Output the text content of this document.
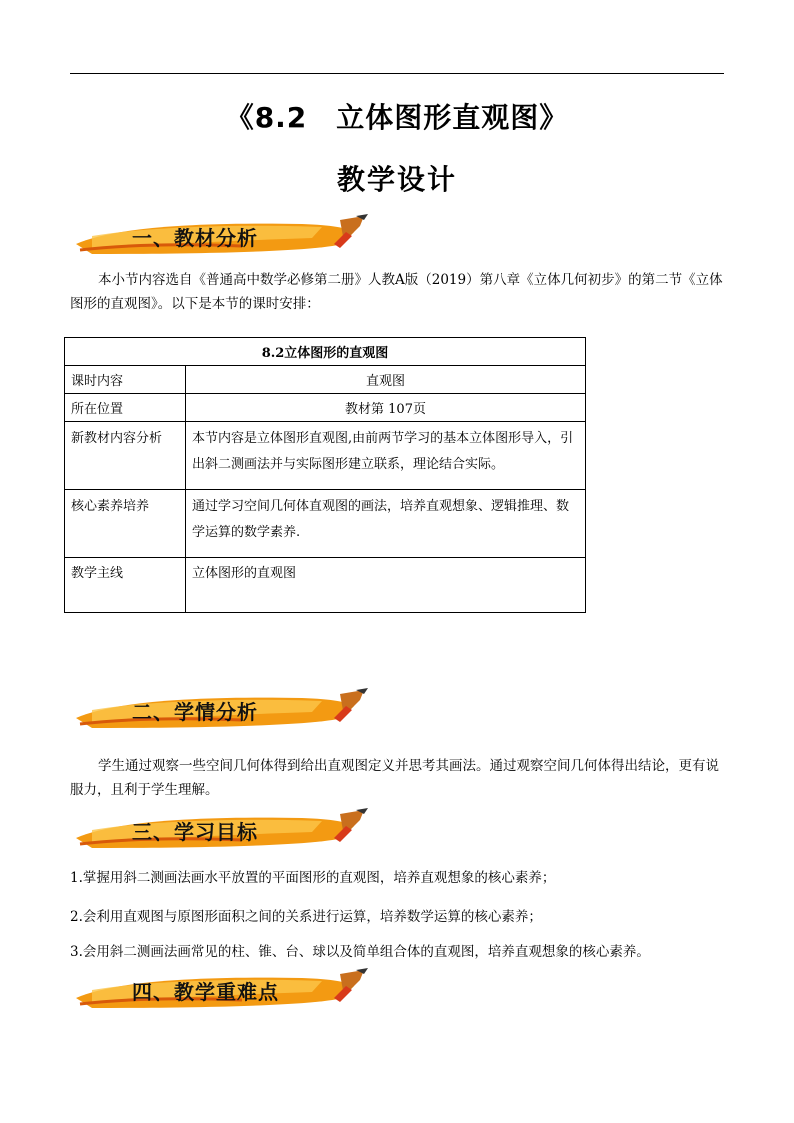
《8.2　立体图形直观图》
教学设计
一、教材分析

本小节内容选自《普通高中数学必修第二册》人教A版（2019）第八章《立体几何初步》的第二节《立体图形的直观图》。以下是本节的课时安排：

8.2立体图形的直观图	
课时内容	直观图
所在位置	教材第 107页
新教材内容分析	本节内容是立体图形直观图,由前两节学习的基本立体图形导入，引出斜二测画法并与实际图形建立联系，理论结合实际。
核心素养培养	通过学习空间几何体直观图的画法，培养直观想象、逻辑推理、数学运算的数学素养.
教学主线	立体图形的直观图
二、学情分析

学生通过观察一些空间几何体得到给出直观图定义并思考其画法。通过观察空间几何体得出结论，更有说服力，且利于学生理解。

三、学习目标

1.掌握用斜二测画法画水平放置的平面图形的直观图，培养直观想象的核心素养；

2.会利用直观图与原图形面积之间的关系进行运算，培养数学运算的核心素养；

3.会用斜二测画法画常见的柱、锥、台、球以及简单组合体的直观图，培养直观想象的核心素养。

四、教学重难点
